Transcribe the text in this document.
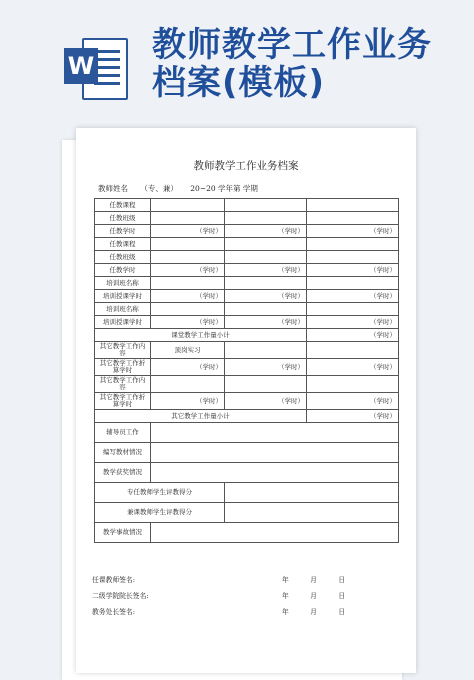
W
教师教学工作业务
档案(模板)
教师教学工作业务档案
教师姓名 （专、兼） 20~20 学年第 学期
任教课程			
任教班级			
任教学时	（学时）	（学时）	（学时）
任教课程			
任教班级			
任教学时	（学时）	（学时）	（学时）
培训班名称			
培训授课学时	（学时）	（学时）	（学时）
培训班名称			
培训授课学时	（学时）	（学时）	（学时）
课堂教学工作量小计			（学时）
其它教学工作内容	顶岗实习		
其它教学工作折算学时	（学时）	（学时）	（学时）
其它教学工作内容			
其它教学工作折算学时	（学时）	（学时）	（学时）
其它教学工作量小计			（学时）
辅导员工作			
编写教材情况			
教学获奖情况			
专任教师学生评教得分			
兼课教师学生评教得分			
教学事故情况			
任课教师签名:	年	月	日
二级学院院长签名:	年	月	日
教务处长签名:	年	月	日
